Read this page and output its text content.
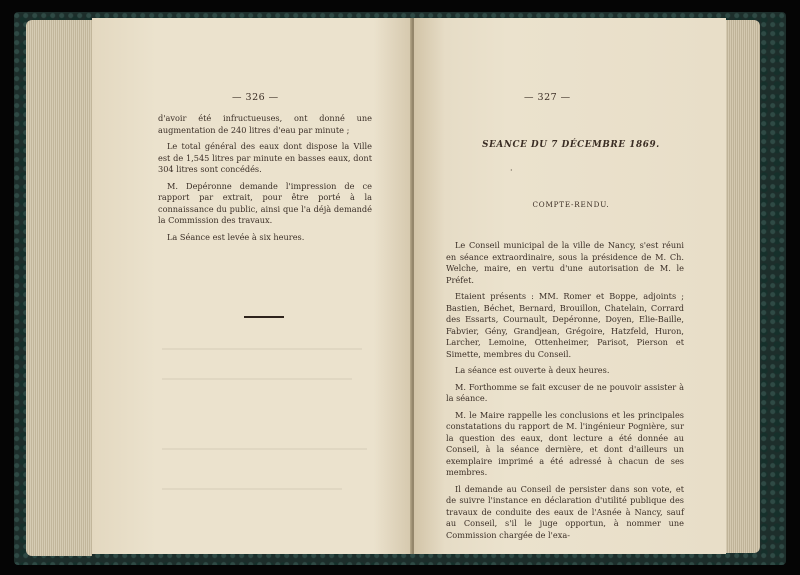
— 326 —

d'avoir été infructueuses, ont donné une augmentation de 240 litres d'eau par minute ;

Le total général des eaux dont dispose la Ville est de 1,545 litres par minute en basses eaux, dont 304 litres sont concédés.

M. Depéronne demande l'impression de ce rapport par extrait, pour être porté à la connaissance du public, ainsi que l'a déjà demandé la Commission des travaux.

La Séance est levée à six heures.

— 327 —
SEANCE DU 7 DÉCEMBRE 1869.
·
COMPTE-RENDU.

Le Conseil municipal de la ville de Nancy, s'est réuni en séance extraordinaire, sous la présidence de M. Ch. Welche, maire, en vertu d'une autorisation de M. le Préfet.

Etaient présents : MM. Romer et Boppe, adjoints ; Bastien, Béchet, Bernard, Brouillon, Chatelain, Corrard des Essarts, Cournault, Depéronne, Doyen, Elie-Baille, Fabvier, Gény, Grandjean, Grégoire, Hatzfeld, Huron, Larcher, Lemoine, Ottenheimer, Parisot, Pierson et Simette, membres du Conseil.

La séance est ouverte à deux heures.

M. Forthomme se fait excuser de ne pouvoir assister à la séance.

M. le Maire rappelle les conclusions et les principales constatations du rapport de M. l'ingénieur Pognière, sur la question des eaux, dont lecture a été donnée au Conseil, à la séance dernière, et dont d'ailleurs un exemplaire imprimé a été adressé à chacun de ses membres.

Il demande au Conseil de persister dans son vote, et de suivre l'instance en déclaration d'utilité publique des travaux de conduite des eaux de l'Asnée à Nancy, sauf au Conseil, s'il le juge opportun, à nommer une Commission chargée de l'exa-
